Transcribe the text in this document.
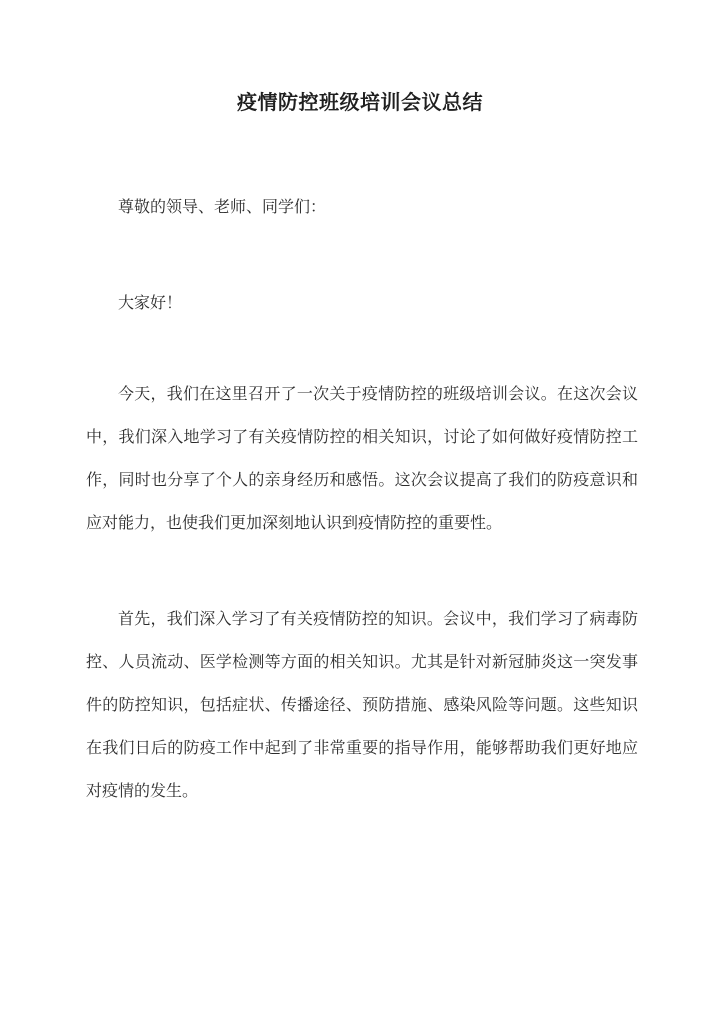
疫情防控班级培训会议总结

尊敬的领导、老师、同学们：

大家好！

今天，我们在这里召开了一次关于疫情防控的班级培训会议。在这次会议中，我们深入地学习了有关疫情防控的相关知识，讨论了如何做好疫情防控工作，同时也分享了个人的亲身经历和感悟。这次会议提高了我们的防疫意识和应对能力，也使我们更加深刻地认识到疫情防控的重要性。

首先，我们深入学习了有关疫情防控的知识。会议中，我们学习了病毒防控、人员流动、医学检测等方面的相关知识。尤其是针对新冠肺炎这一突发事件的防控知识，包括症状、传播途径、预防措施、感染风险等问题。这些知识在我们日后的防疫工作中起到了非常重要的指导作用，能够帮助我们更好地应对疫情的发生。
